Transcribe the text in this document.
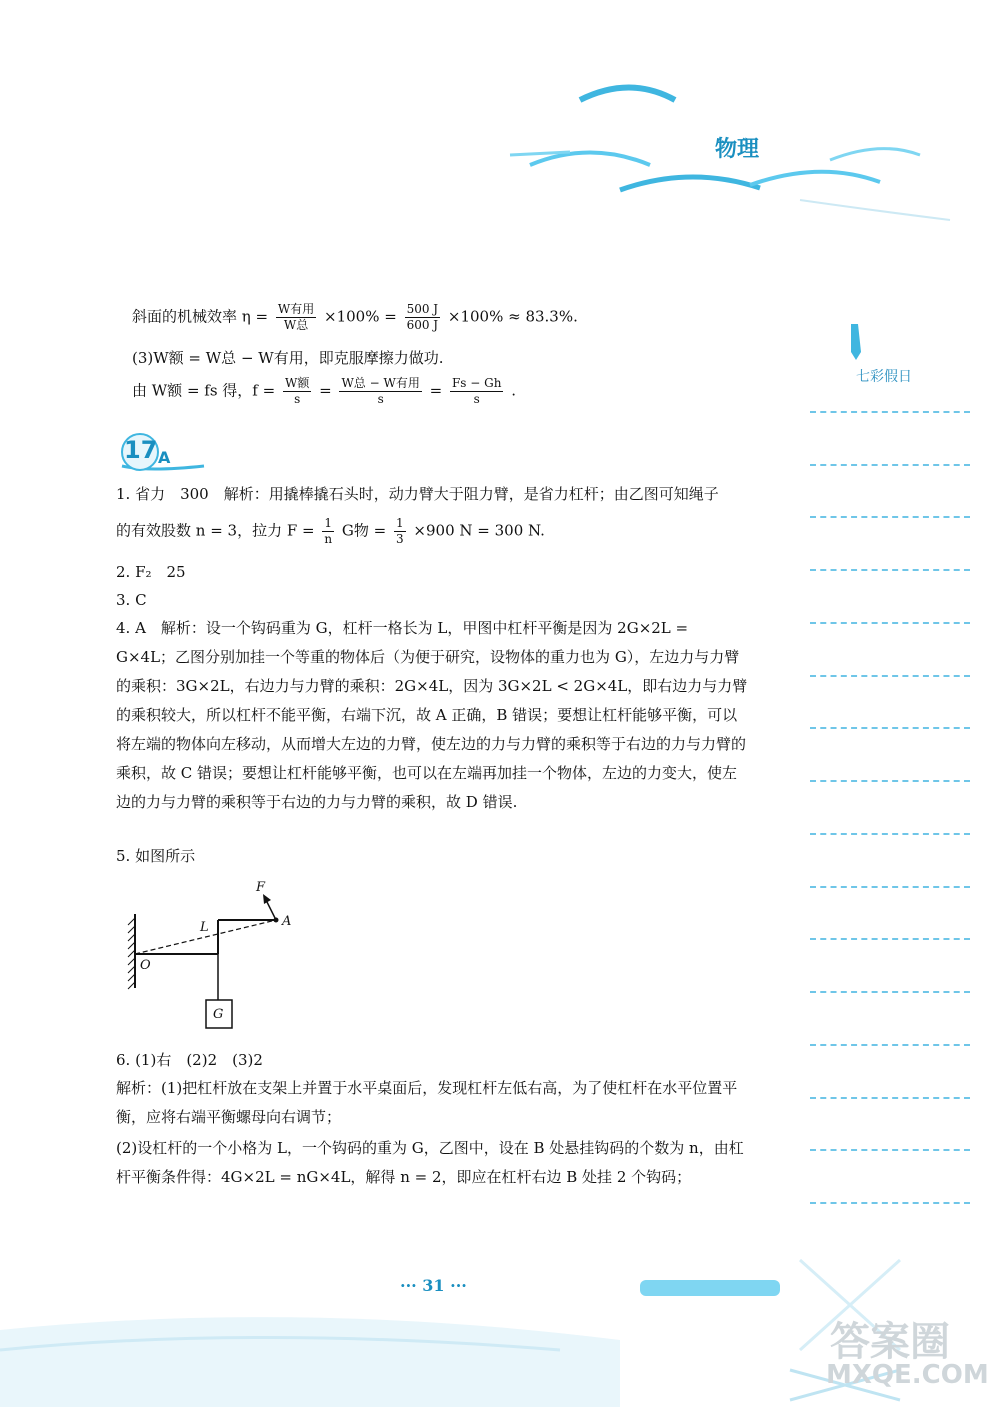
物理
七彩假日
斜面的机械效率 $\eta = \frac{\text{W有用}}{\text{W总}} \times 100\% = \frac{500 J}{600 J} \times 100\% \approx 83.3\%$.
(3)W额 = W总 − W有用，即克服摩擦力做功.
由 W额 = fs 得，$f = \frac{\text{W额}}{s} = \frac{\text{W总 − W有用}}{s} = \frac{Fs - Gh}{s}$ .
17 A
1. 省力　300　解析：用撬棒撬石头时，动力臂大于阻力臂，是省力杠杆；由乙图可知绳子
的有效股数 n = 3，拉力 $F = \frac{1}{n}$ G物 = $\frac{1}{3} \times 900$ N = 300 N.
2. F₂　25
3. C
4. A　解析：设一个钩码重为 G，杠杆一格长为 L，甲图中杠杆平衡是因为 2G×2L = G×4L；乙图分别加挂一个等重的物体后（为便于研究，设物体的重力也为 G），左边力与力臂的乘积：3G×2L，右边力与力臂的乘积：2G×4L，因为 3G×2L < 2G×4L，即右边力与力臂的乘积较大，所以杠杆不能平衡，右端下沉，故 A 正确，B 错误；要想让杠杆能够平衡，可以将左端的物体向左移动，从而增大左边的力臂，使左边的力与力臂的乘积等于右边的力与力臂的乘积，故 C 错误；要想让杠杆能够平衡，也可以在左端再加挂一个物体，左边的力变大，使左边的力与力臂的乘积等于右边的力与力臂的乘积，故 D 错误.
5. 如图所示
F
A
L
O
G
6. (1)右　(2)2　(3)2
解析：(1)把杠杆放在支架上并置于水平桌面后，发现杠杆左低右高，为了使杠杆在水平位置平衡，应将右端平衡螺母向右调节；
(2)设杠杆的一个小格为 L，一个钩码的重为 G，乙图中，设在 B 处悬挂钩码的个数为 n，由杠杆平衡条件得：4G×2L = nG×4L，解得 n = 2，即应在杠杆右边 B 处挂 2 个钩码；
··· 31 ···
答案圈
MXQE.COM
